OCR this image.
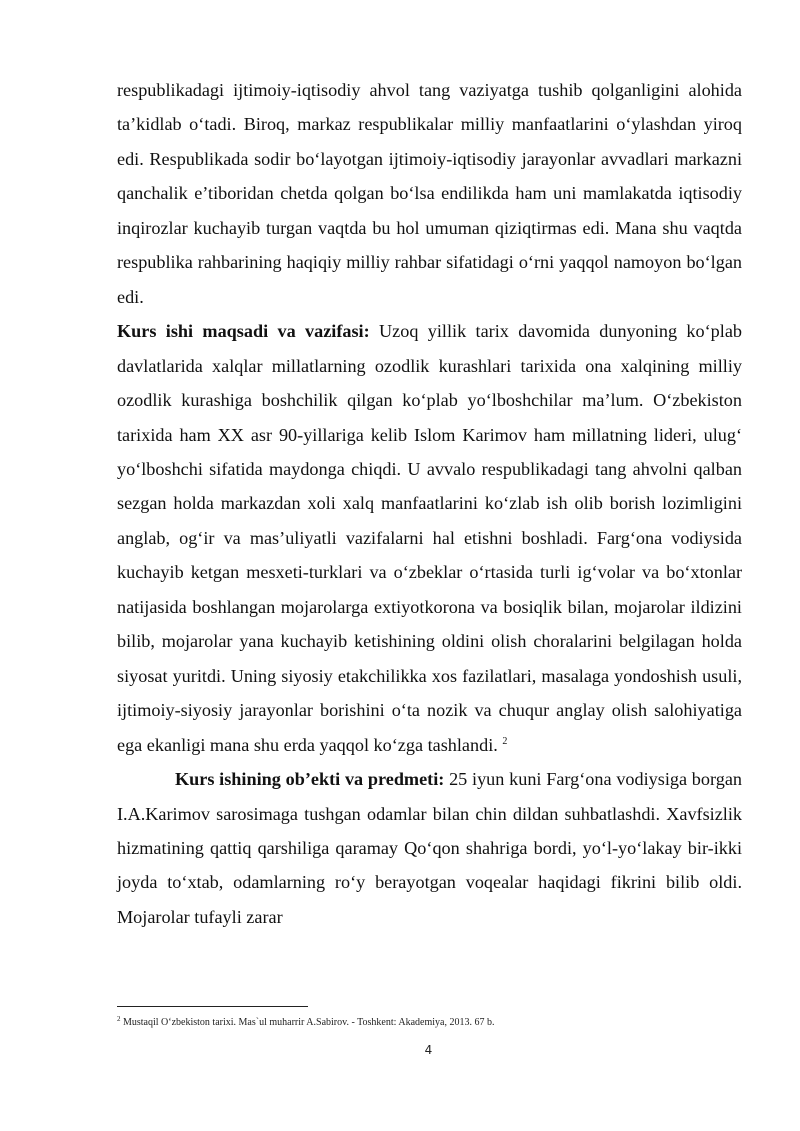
respublikadagi ijtimoiy-iqtisodiy ahvol tang vaziyatga tushib qolganligini alohida ta’kidlab o‘tadi. Biroq, markaz respublikalar milliy manfaatlarini o‘ylashdan yiroq edi. Respublikada sodir bo‘layotgan ijtimoiy-iqtisodiy jarayonlar avvadlari markazni qanchalik e’tiboridan chetda qolgan bo‘lsa endilikda ham uni mamlakatda iqtisodiy inqirozlar kuchayib turgan vaqtda bu hol umuman qiziqtirmas edi. Mana shu vaqtda respublika rahbarining haqiqiy milliy rahbar sifatidagi o‘rni yaqqol namoyon bo‘lgan edi.

Kurs ishi maqsadi va vazifasi: Uzoq yillik tarix davomida dunyoning ko‘plab davlatlarida xalqlar millatlarning ozodlik kurashlari tarixida ona xalqining milliy ozodlik kurashiga boshchilik qilgan ko‘plab yo‘lboshchilar ma’lum. O‘zbekiston tarixida ham XX asr 90-yillariga kelib Islom Karimov ham millatning lideri, ulug‘ yo‘lboshchi sifatida maydonga chiqdi. U avvalo respublikadagi tang ahvolni qalban sezgan holda markazdan xoli xalq manfaatlarini ko‘zlab ish olib borish lozimligini anglab, og‘ir va mas’uliyatli vazifalarni hal etishni boshladi. Farg‘ona vodiysida kuchayib ketgan mesxeti-turklari va o‘zbeklar o‘rtasida turli ig‘volar va bo‘xtonlar natijasida boshlangan mojarolarga extiyotkorona va bosiqlik bilan, mojarolar ildizini bilib, mojarolar yana kuchayib ketishining oldini olish choralarini belgilagan holda siyosat yuritdi. Uning siyosiy etakchilikka xos fazilatlari, masalaga yondoshish usuli, ijtimoiy-siyosiy jarayonlar borishini o‘ta nozik va chuqur anglay olish salohiyatiga ega ekanligi mana shu erda yaqqol ko‘zga tashlandi. $^2$

Kurs ishining ob’ekti va predmeti: 25 iyun kuni Farg‘ona vodiysiga borgan I.A.Karimov sarosimaga tushgan odamlar bilan chin dildan suhbatlashdi. Xavfsizlik hizmatining qattiq qarshiliga qaramay Qo‘qon shahriga bordi, yo‘l-yo‘lakay bir-ikki joyda to‘xtab, odamlarning ro‘y berayotgan voqealar haqidagi fikrini bilib oldi. Mojarolar tufayli zarar

$^2$ Mustaqil O‘zbekiston tarixi. Mas`ul muharrir A.Sabirov. - Toshkent: Akademiya, 2013. 67 b.
4
